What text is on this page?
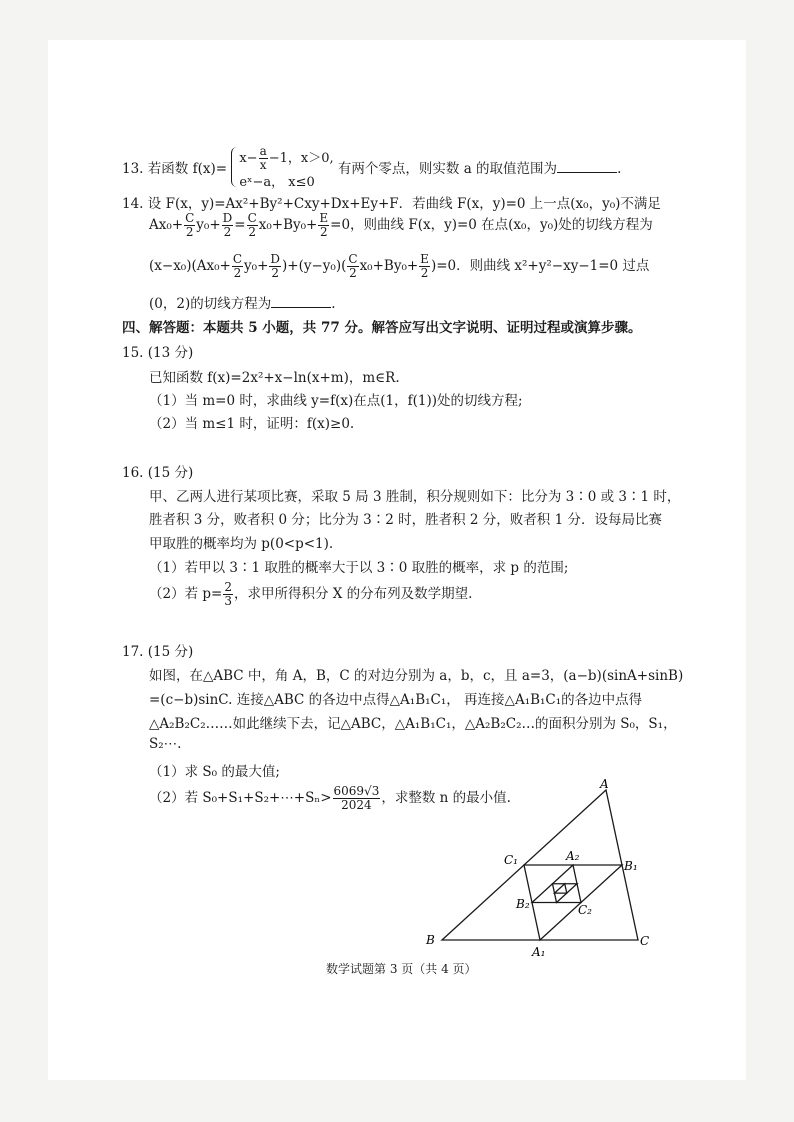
13. 若函数 f(x)=
$x- \frac{a}{x} -1$，x＞0,
eˣ−a， x≤0
有两个零点，则实数 a 的取值范围为	.
14. 设 F(x，y)=Ax²+By²+Cxy+Dx+Ey+F．若曲线 F(x，y)=0 上一点(x₀，y₀)不满足
$Ax_0+ \frac{C}{2} y_0+ \frac{D}{2} = \frac{C}{2} x_0+By_0+ \frac{E}{2} =0$，则曲线 F(x，y)=0 在点(x₀，y₀)处的切线方程为
$(x-x_0)(Ax_0+ \frac{C}{2} y_0+ \frac{D}{2} )+(y-y_0)( \frac{C}{2} x_0+By_0+ \frac{E}{2} )=0$．则曲线 x²+y²−xy−1=0 过点
(0，2)的切线方程为	.
四、解答题：本题共 5 小题，共 77 分。解答应写出文字说明、证明过程或演算步骤。
15. (13 分)
已知函数 f(x)=2x²+x−ln(x+m)，m∈R.
（1）当 m=0 时，求曲线 y=f(x)在点(1，f(1))处的切线方程;
（2）当 m≤1 时，证明：f(x)≥0.
16. (15 分)
甲、乙两人进行某项比赛，采取 5 局 3 胜制，积分规则如下：比分为 3∶0 或 3∶1 时，
胜者积 3 分，败者积 0 分；比分为 3∶2 时，胜者积 2 分，败者积 1 分．设每局比赛
甲取胜的概率均为 p(0<p<1).
（1）若甲以 3∶1 取胜的概率大于以 3∶0 取胜的概率，求 p 的范围;
（2）若 $p= \frac{2}{3}$ ，求甲所得积分 X 的分布列及数学期望.
17. (15 分)
如图，在△ABC 中，角 A，B，C 的对边分别为 a，b，c，且 a=3，(a−b)(sinA+sinB)
=(c−b)sinC. 连接△ABC 的各边中点得△A₁B₁C₁， 再连接△A₁B₁C₁的各边中点得
△A₂B₂C₂……如此继续下去，记△ABC，△A₁B₁C₁，△A₂B₂C₂…的面积分别为 S₀，S₁，
S₂⋯.
（1）求 S₀ 的最大值;
（2）若 S₀+S₁+S₂+⋯+Sₙ> $\frac{6069√3}{2024}$ ，求整数 n 的最小值.
A
B	C
A₁
B₁
C₁	A₂
B₂	C₂
数学试题第 3 页（共 4 页）
